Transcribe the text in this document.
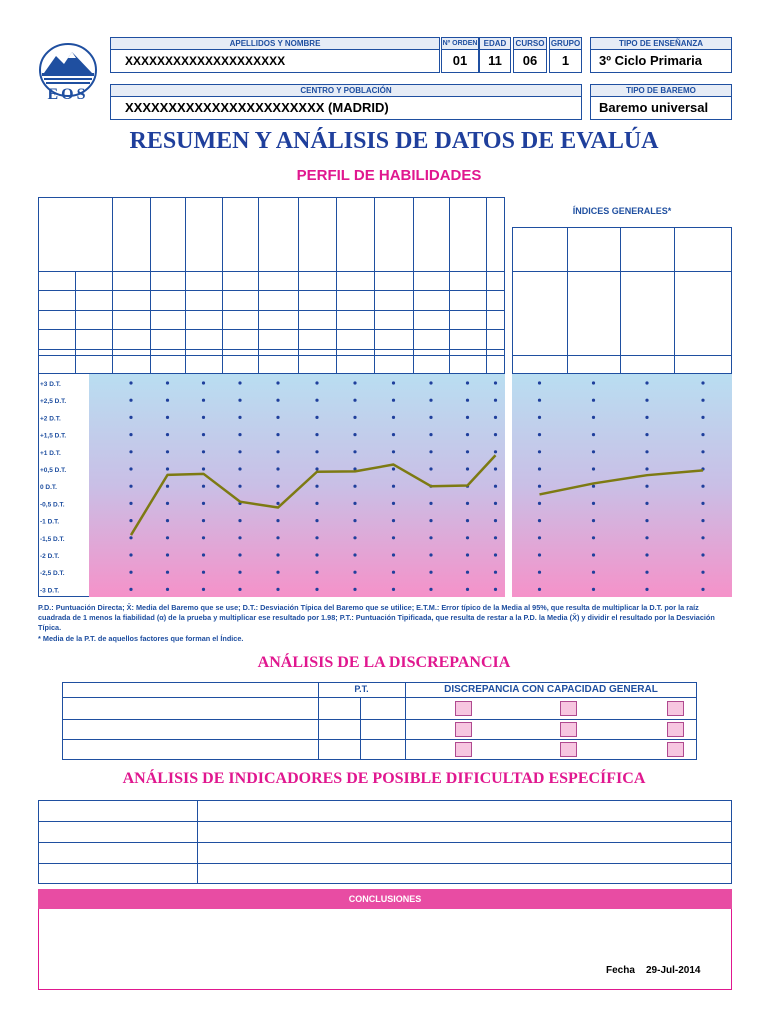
EOS
APELLIDOS Y NOMBRE
XXXXXXXXXXXXXXXXXXXX
Nº ORDEN
01
EDAD
11
CURSO
06
GRUPO
1
TIPO DE ENSEÑANZA
3º Ciclo Primaria
CENTRO Y POBLACIÓN
XXXXXXXXXXXXXXXXXXXXXXX (MADRID)
TIPO DE BAREMO
Baremo universal
RESUMEN Y ANÁLISIS DE DATOS DE EVALÚA
PERFIL DE HABILIDADES
ÍNDICES GENERALES*
+3 D.T.
+2,5 D.T.
+2 D.T.
+1,5 D.T.
+1 D.T.
+0,5 D.T.
0 D.T.
-0,5 D.T.
-1 D.T.
-1,5 D.T.
-2 D.T.
-2,5 D.T.
-3 D.T.
P.D.: Puntuación Directa; X̄: Media del Baremo que se use; D.T.: Desviación Típica del Baremo que se utilice; E.T.M.: Error típico de la Media al 95%, que resulta de multiplicar la D.T. por la raíz cuadrada de 1 menos la fiabilidad (α) de la prueba y multiplicar ese resultado por 1.98; P.T.: Puntuación Tipificada, que resulta de restar a la P.D. la Media (X̄) y dividir el resultado por la Desviación Típica.
* Media de la P.T. de aquellos factores que forman el Índice.
ANÁLISIS DE LA DISCREPANCIA
P.T.	DISCREPANCIA CON CAPACIDAD GENERAL
ANÁLISIS DE INDICADORES DE POSIBLE DIFICULTAD ESPECÍFICA
CONCLUSIONES
Fecha 29-Jul-2014
